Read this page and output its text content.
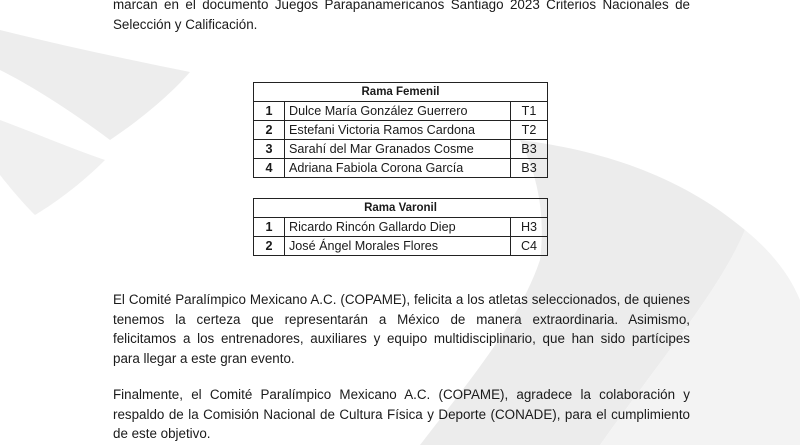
marcan en el documento Juegos Parapanamericanos Santiago 2023 Criterios Nacionales de
Selección y Calificación.

Rama Femenil		
1	Dulce María González Guerrero	T1
2	Estefani Victoria Ramos Cardona	T2
3	Sarahí del Mar Granados Cosme	B3
4	Adriana Fabiola Corona García	B3
Rama Varonil		
1	Ricardo Rincón Gallardo Diep	H3
2	José Ángel Morales Flores	C4

El Comité Paralímpico Mexicano A.C. (COPAME), felicita a los atletas seleccionados, de quienes
tenemos la certeza que representarán a México de manera extraordinaria. Asimismo,
felicitamos a los entrenadores, auxiliares y equipo multidisciplinario, que han sido partícipes
para llegar a este gran evento.

Finalmente, el Comité Paralímpico Mexicano A.C. (COPAME), agradece la colaboración y
respaldo de la Comisión Nacional de Cultura Física y Deporte (CONADE), para el cumplimiento
de este objetivo.
